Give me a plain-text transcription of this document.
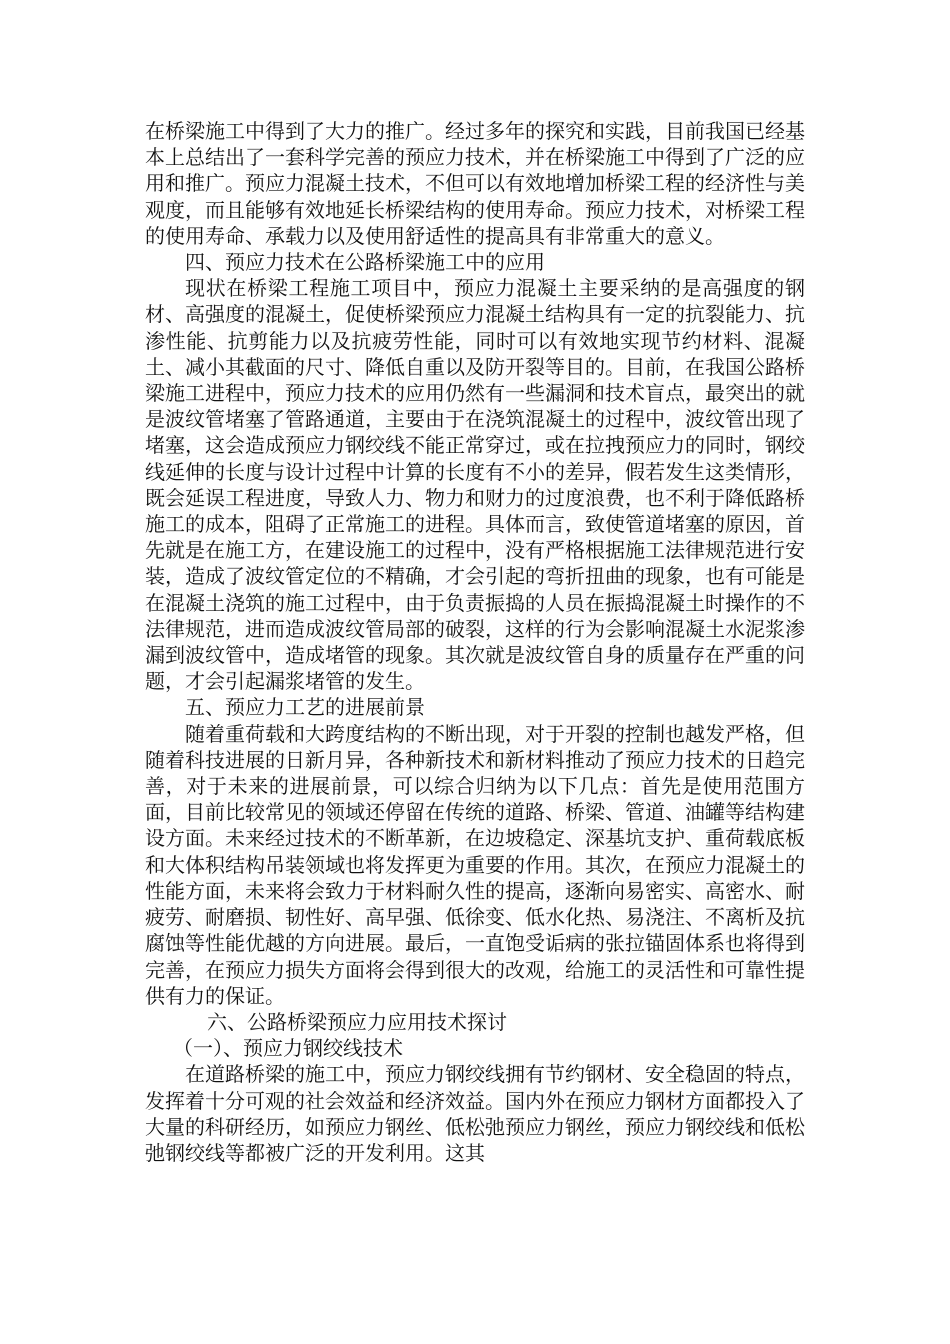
在桥梁施工中得到了大力的推广。经过多年的探究和实践，目前我国已经基本上总结出了一套科学完善的预应力技术，并在桥梁施工中得到了广泛的应用和推广。预应力混凝土技术，不但可以有效地增加桥梁工程的经济性与美观度，而且能够有效地延长桥梁结构的使用寿命。预应力技术，对桥梁工程的使用寿命、承载力以及使用舒适性的提高具有非常重大的意义。

四、预应力技术在公路桥梁施工中的应用

现状在桥梁工程施工项目中，预应力混凝土主要采纳的是高强度的钢材、高强度的混凝土，促使桥梁预应力混凝土结构具有一定的抗裂能力、抗渗性能、抗剪能力以及抗疲劳性能，同时可以有效地实现节约材料、混凝土、减小其截面的尺寸、降低自重以及防开裂等目的。目前，在我国公路桥梁施工进程中，预应力技术的应用仍然有一些漏洞和技术盲点，最突出的就是波纹管堵塞了管路通道，主要由于在浇筑混凝土的过程中，波纹管出现了堵塞，这会造成预应力钢绞线不能正常穿过，或在拉拽预应力的同时，钢绞线延伸的长度与设计过程中计算的长度有不小的差异，假若发生这类情形，既会延误工程进度，导致人力、物力和财力的过度浪费，也不利于降低路桥施工的成本，阻碍了正常施工的进程。具体而言，致使管道堵塞的原因，首先就是在施工方，在建设施工的过程中，没有严格根据施工法律规范进行安装，造成了波纹管定位的不精确，才会引起的弯折扭曲的现象，也有可能是在混凝土浇筑的施工过程中，由于负责振捣的人员在振捣混凝土时操作的不法律规范，进而造成波纹管局部的破裂，这样的行为会影响混凝土水泥浆渗漏到波纹管中，造成堵管的现象。其次就是波纹管自身的质量存在严重的问题，才会引起漏浆堵管的发生。

五、预应力工艺的进展前景

随着重荷载和大跨度结构的不断出现，对于开裂的控制也越发严格，但随着科技进展的日新月异，各种新技术和新材料推动了预应力技术的日趋完善，对于未来的进展前景，可以综合归纳为以下几点：首先是使用范围方面，目前比较常见的领域还停留在传统的道路、桥梁、管道、油罐等结构建设方面。未来经过技术的不断革新，在边坡稳定、深基坑支护、重荷载底板和大体积结构吊装领域也将发挥更为重要的作用。其次，在预应力混凝土的性能方面，未来将会致力于材料耐久性的提高，逐渐向易密实、高密水、耐疲劳、耐磨损、韧性好、高早强、低徐变、低水化热、易浇注、不离析及抗腐蚀等性能优越的方向进展。最后，一直饱受诟病的张拉锚固体系也将得到完善，在预应力损失方面将会得到很大的改观，给施工的灵活性和可靠性提供有力的保证。

六、公路桥梁预应力应用技术探讨

（一）、预应力钢绞线技术

在道路桥梁的施工中，预应力钢绞线拥有节约钢材、安全稳固的特点，发挥着十分可观的社会效益和经济效益。国内外在预应力钢材方面都投入了大量的科研经历，如预应力钢丝、低松弛预应力钢丝，预应力钢绞线和低松弛钢绞线等都被广泛的开发利用。这其
